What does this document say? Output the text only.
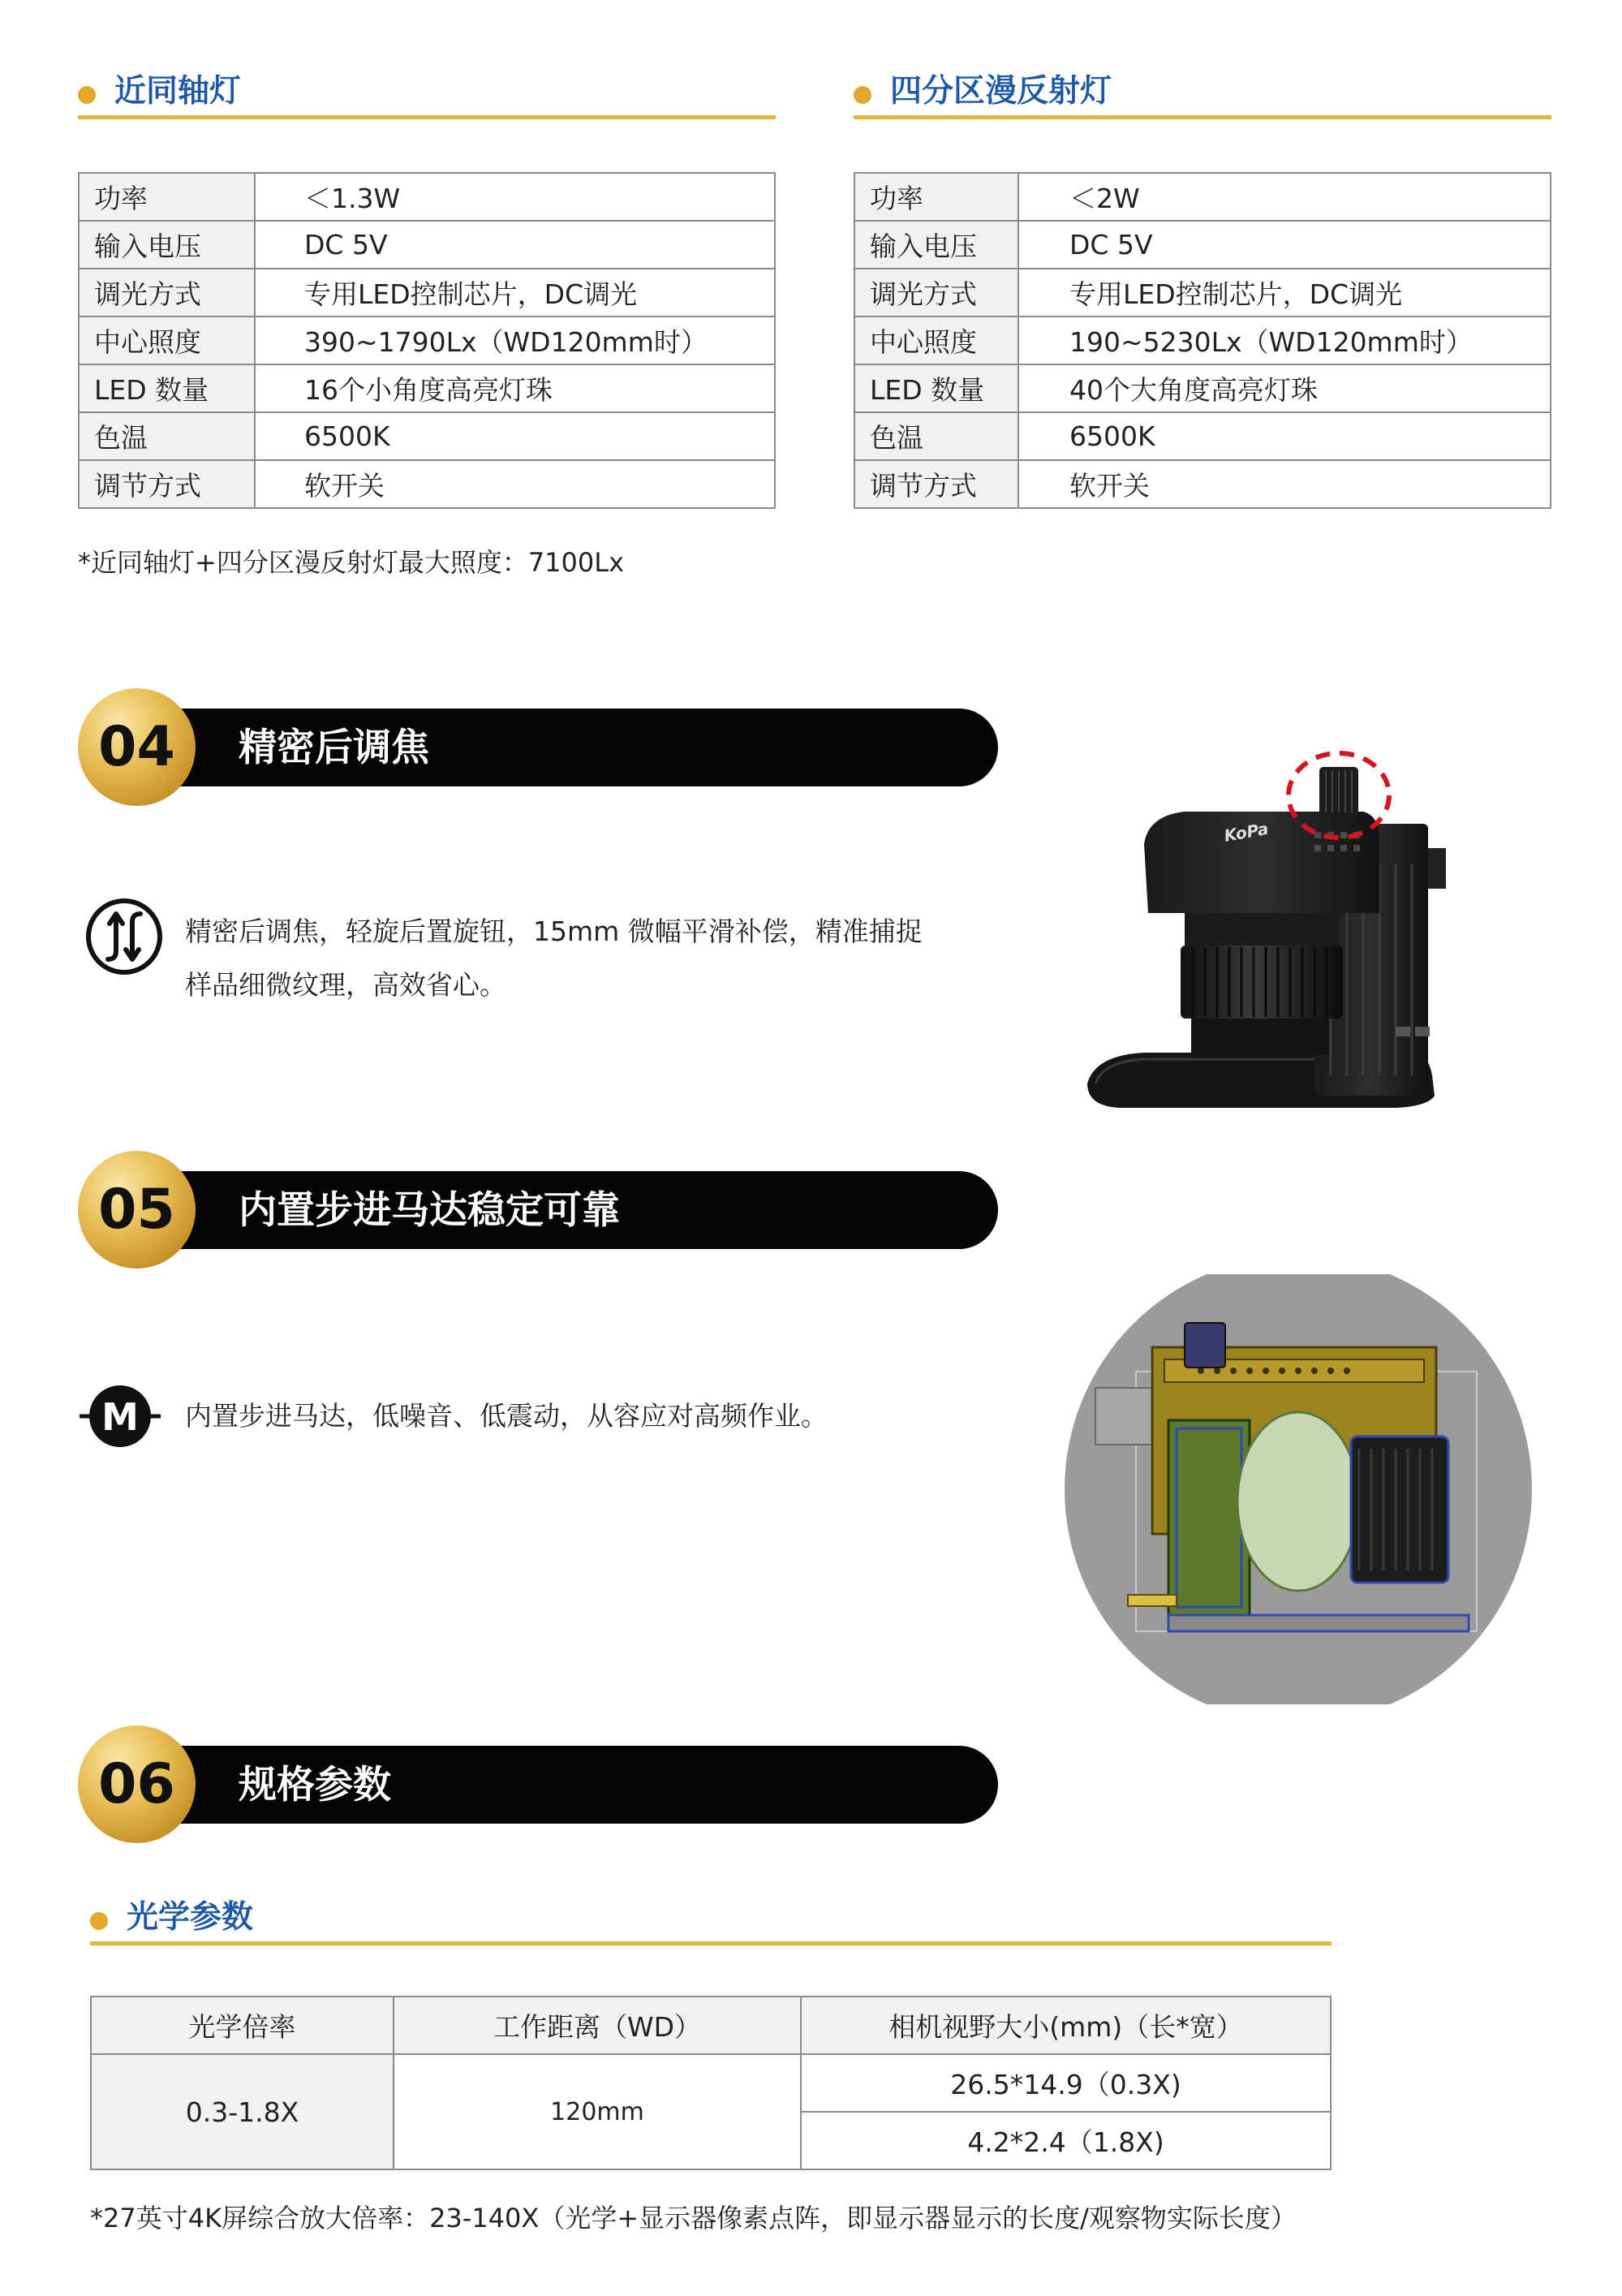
近同轴灯	四分区漫反射灯
功率	＜1.3W
输入电压	DC 5V
调光方式	专用LED控制芯片，DC调光
中心照度	390~1790Lx（WD120mm时）
LED 数量	16个小角度高亮灯珠
色温	6500K
调节方式	软开关
功率	＜2W
输入电压	DC 5V
调光方式	专用LED控制芯片，DC调光
中心照度	190~5230Lx（WD120mm时）
LED 数量	40个大角度高亮灯珠
色温	6500K
调节方式	软开关
*近同轴灯+四分区漫反射灯最大照度：7100Lx
04	精密后调焦
精密后调焦，轻旋后置旋钮，15mm 微幅平滑补偿，精准捕捉
样品细微纹理，高效省心。
KoPa
05	内置步进马达稳定可靠
M 内置步进马达，低噪音、低震动，从容应对高频作业。
06	规格参数
光学参数
光学倍率	工作距离（WD）	相机视野大小(mm)（长*宽）
0.3-1.8X	120mm	26.5*14.9（0.3X)
		4.2*2.4（1.8X)
*27英寸4K屏综合放大倍率：23-140X（光学+显示器像素点阵，即显示器显示的长度/观察物实际长度）
